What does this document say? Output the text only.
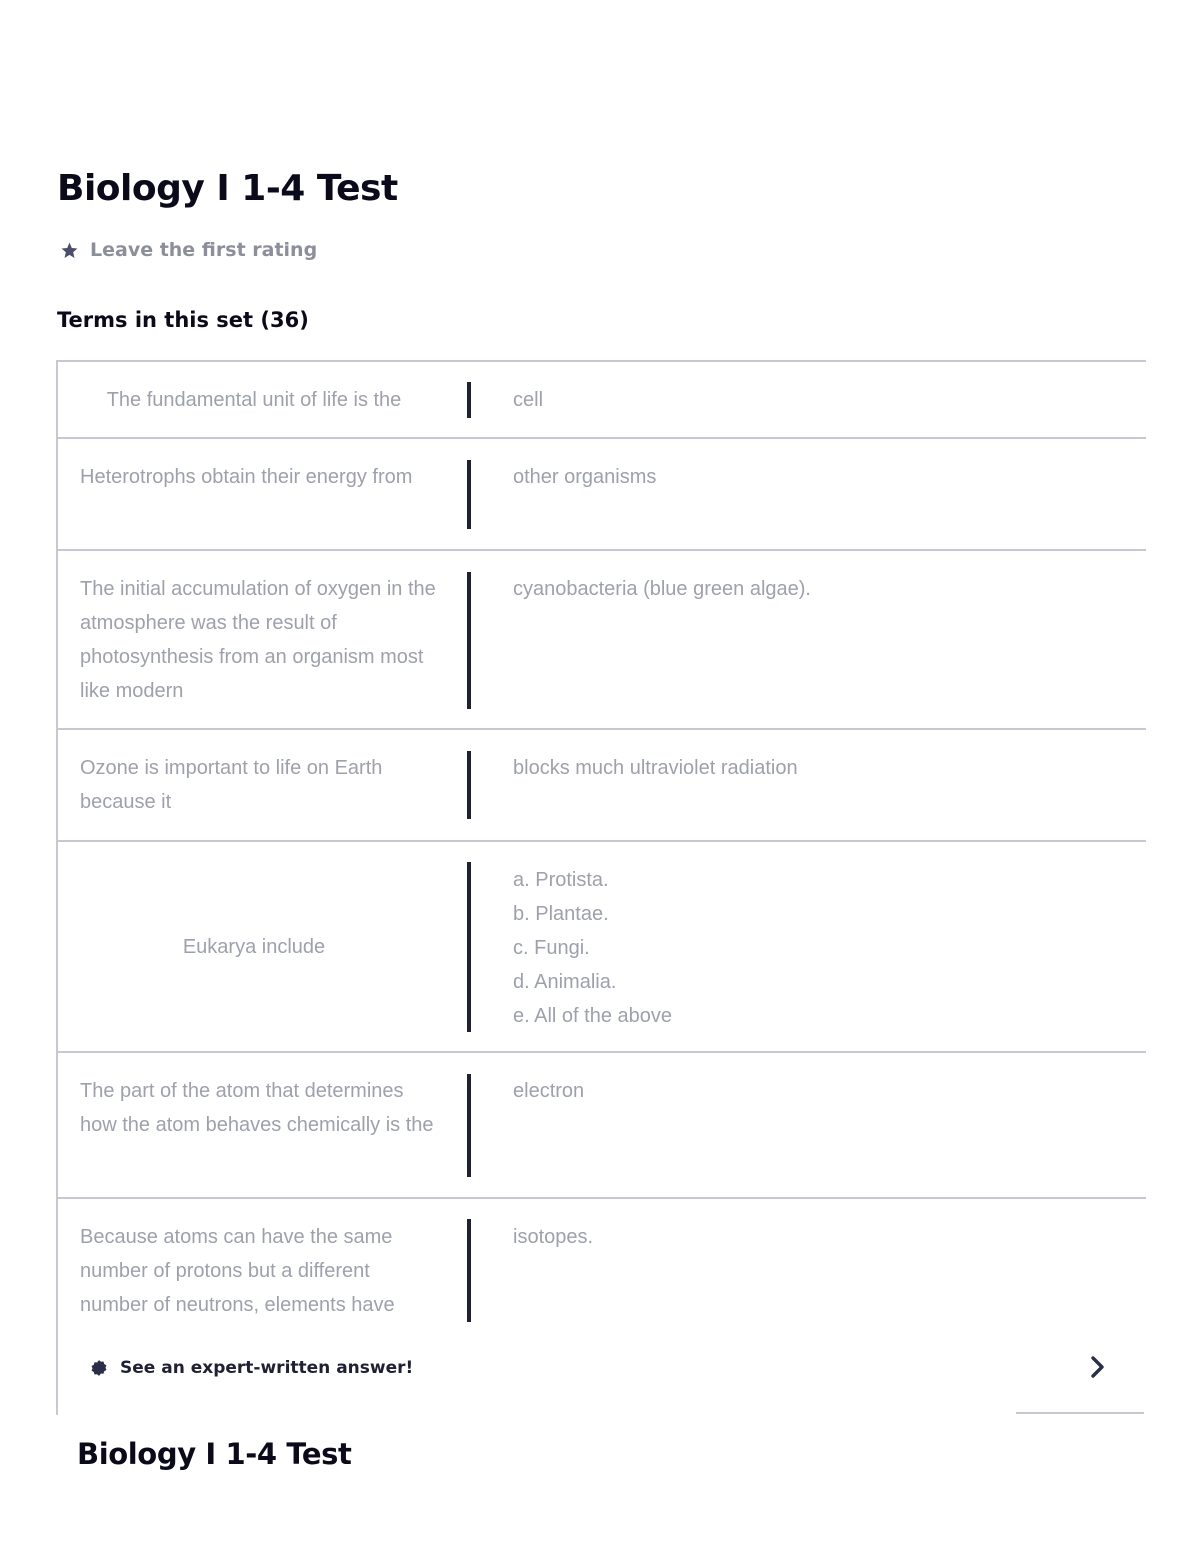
Biology I 1-4 Test
Leave the first rating
Terms in this set (36)
The fundamental unit of life is the	cell
Heterotrophs obtain their energy from	other organisms
The initial accumulation of oxygen in the atmosphere was the result of photosynthesis from an organism most like modern
cyanobacteria (blue green algae).
Ozone is important to life on Earth because it
blocks much ultraviolet radiation
Eukarya include
a. Protista.
b. Plantae.
c. Fungi.
d. Animalia.
e. All of the above
The part of the atom that determines how the atom behaves chemically is the
electron
Because atoms can have the same number of protons but a different number of neutrons, elements have
isotopes.
See an expert-written answer!
Biology I 1-4 Test
